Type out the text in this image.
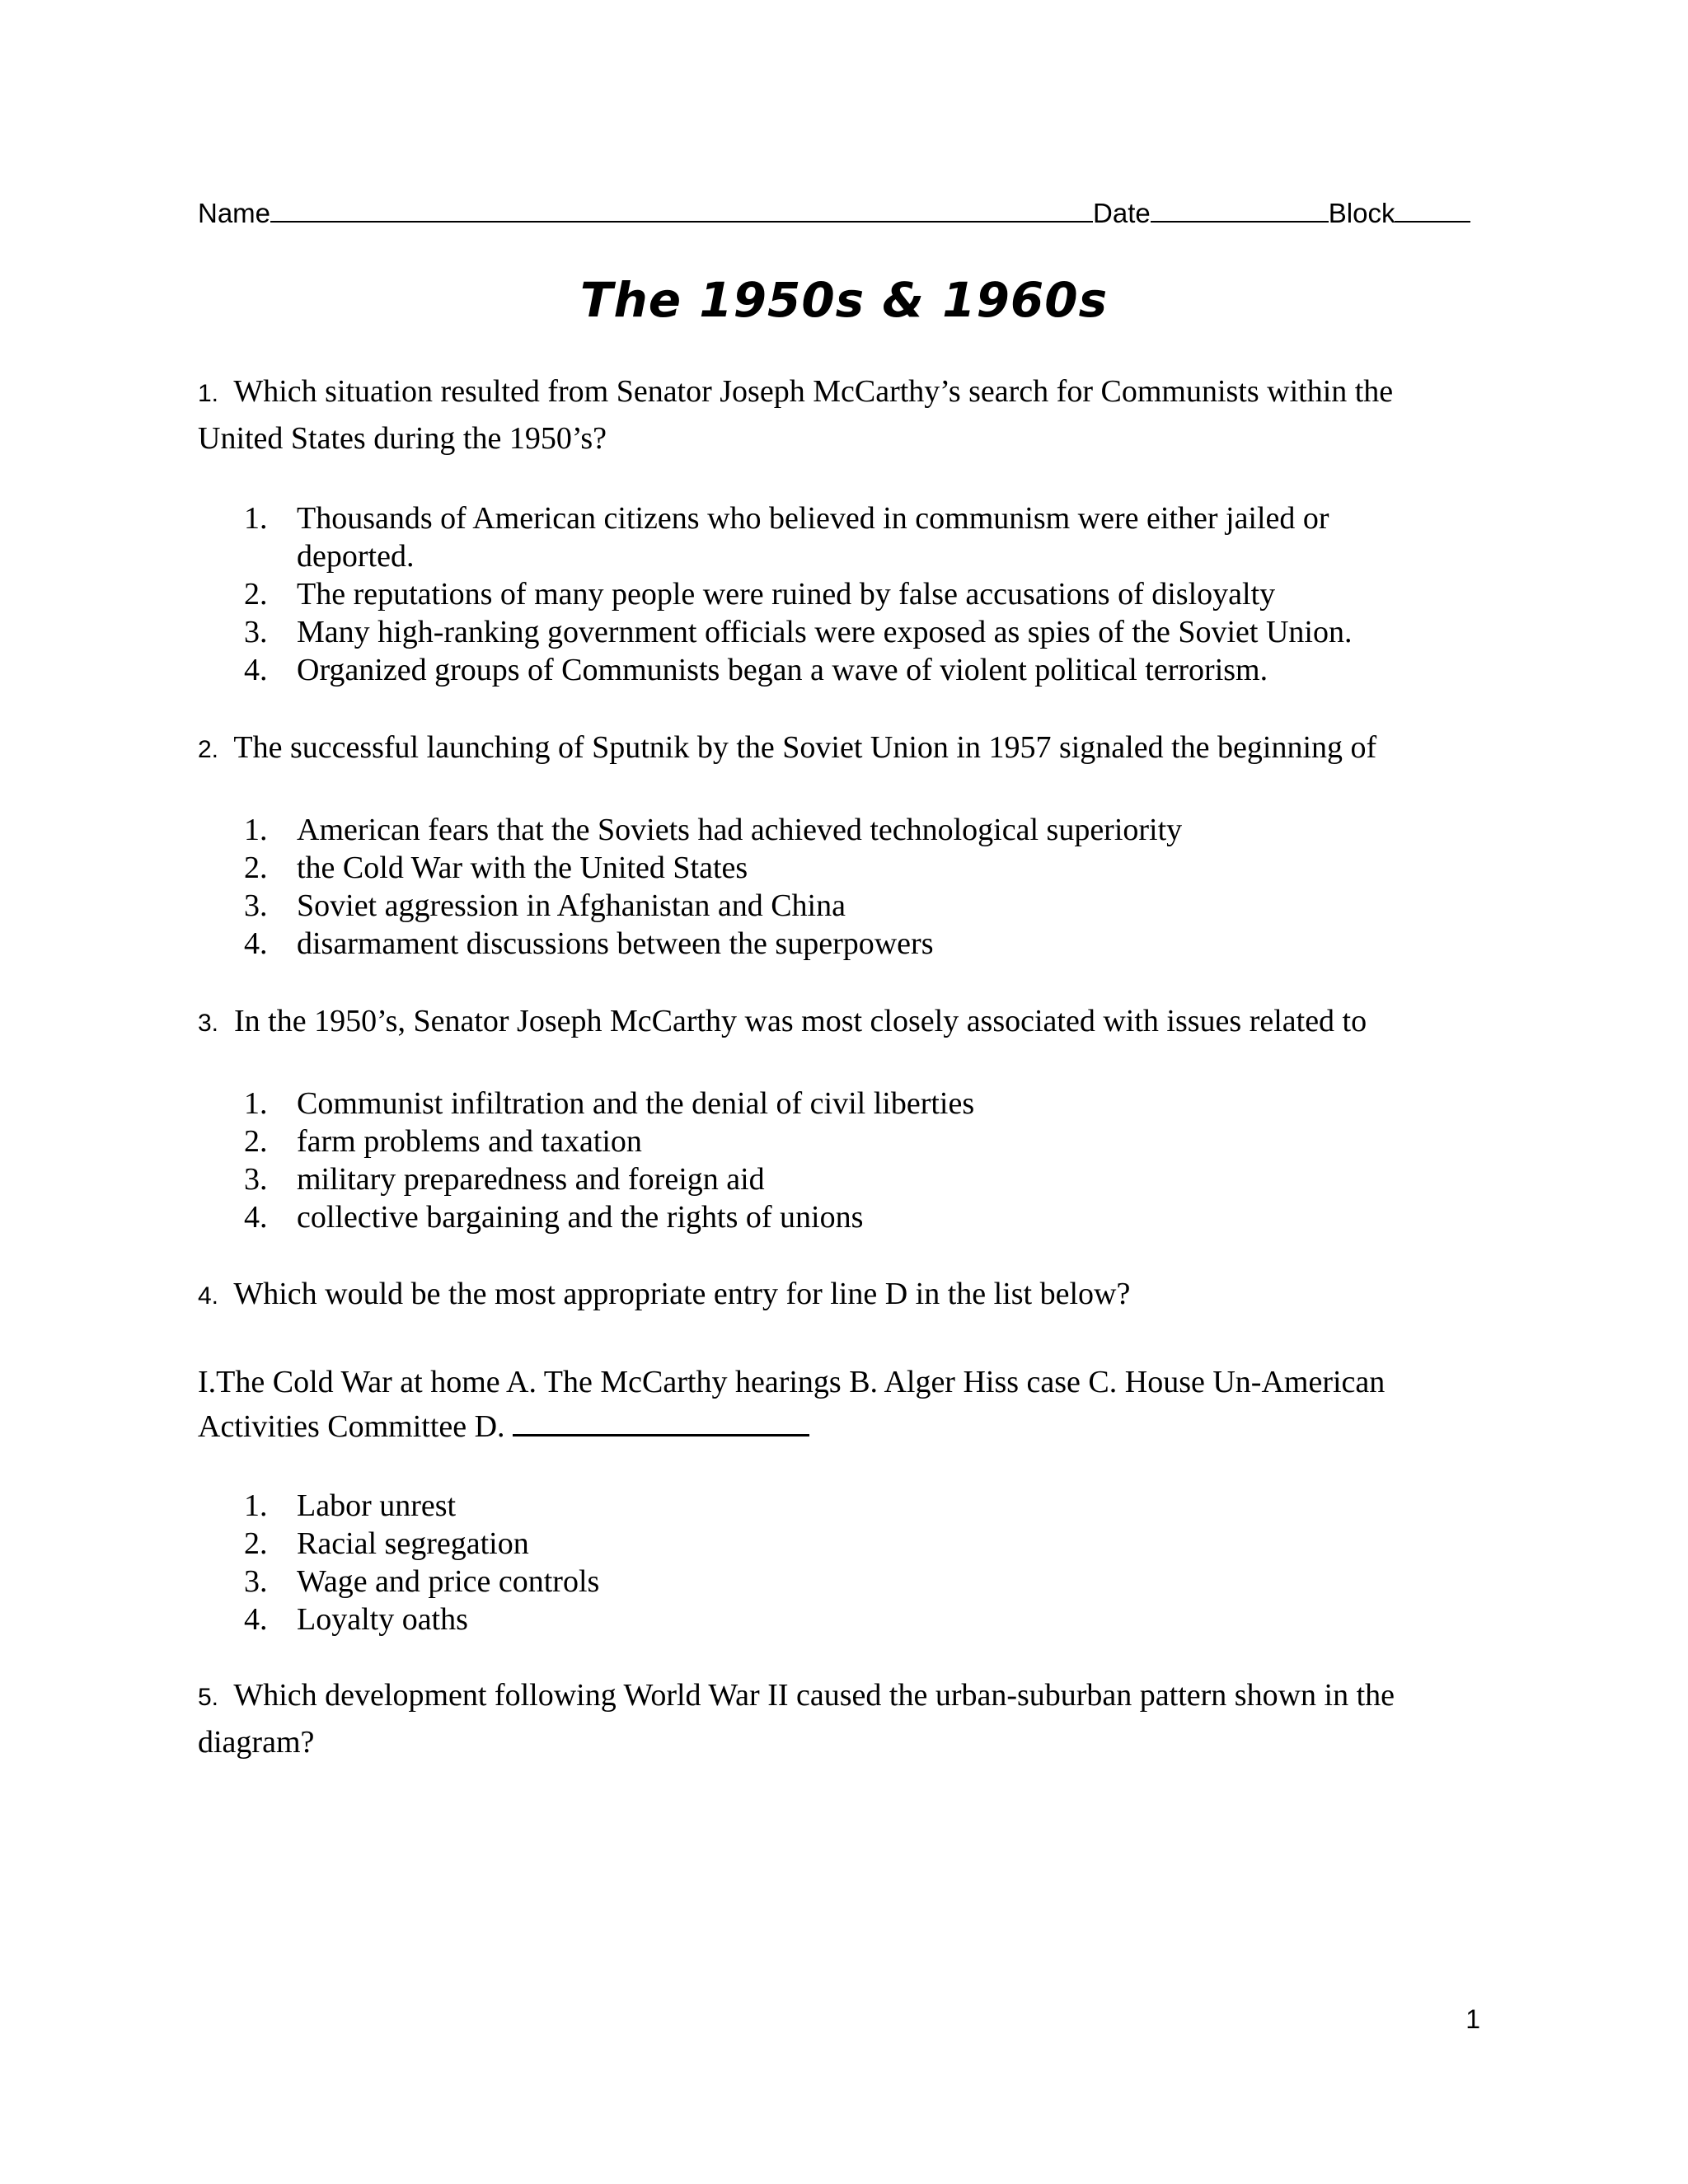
Name	Date	Block
The 1950s & 1960s
1. Which situation resulted from Senator Joseph McCarthy’s search for Communists within the United States during the 1950’s?
1. Thousands of American citizens who believed in communism were either jailed or deported.
2. The reputations of many people were ruined by false accusations of disloyalty
3. Many high-ranking government officials were exposed as spies of the Soviet Union.
4. Organized groups of Communists began a wave of violent political terrorism.
2. The successful launching of Sputnik by the Soviet Union in 1957 signaled the beginning of
1. American fears that the Soviets had achieved technological superiority
2. the Cold War with the United States
3. Soviet aggression in Afghanistan and China
4. disarmament discussions between the superpowers
3. In the 1950’s, Senator Joseph McCarthy was most closely associated with issues related to
1. Communist infiltration and the denial of civil liberties
2. farm problems and taxation
3. military preparedness and foreign aid
4. collective bargaining and the rights of unions
4. Which would be the most appropriate entry for line D in the list below?
I.The Cold War at home A. The McCarthy hearings B. Alger Hiss case C. House Un-American Activities Committee D.
1. Labor unrest
2. Racial segregation
3. Wage and price controls
4. Loyalty oaths
5. Which development following World War II caused the urban-suburban pattern shown in the diagram?
1
